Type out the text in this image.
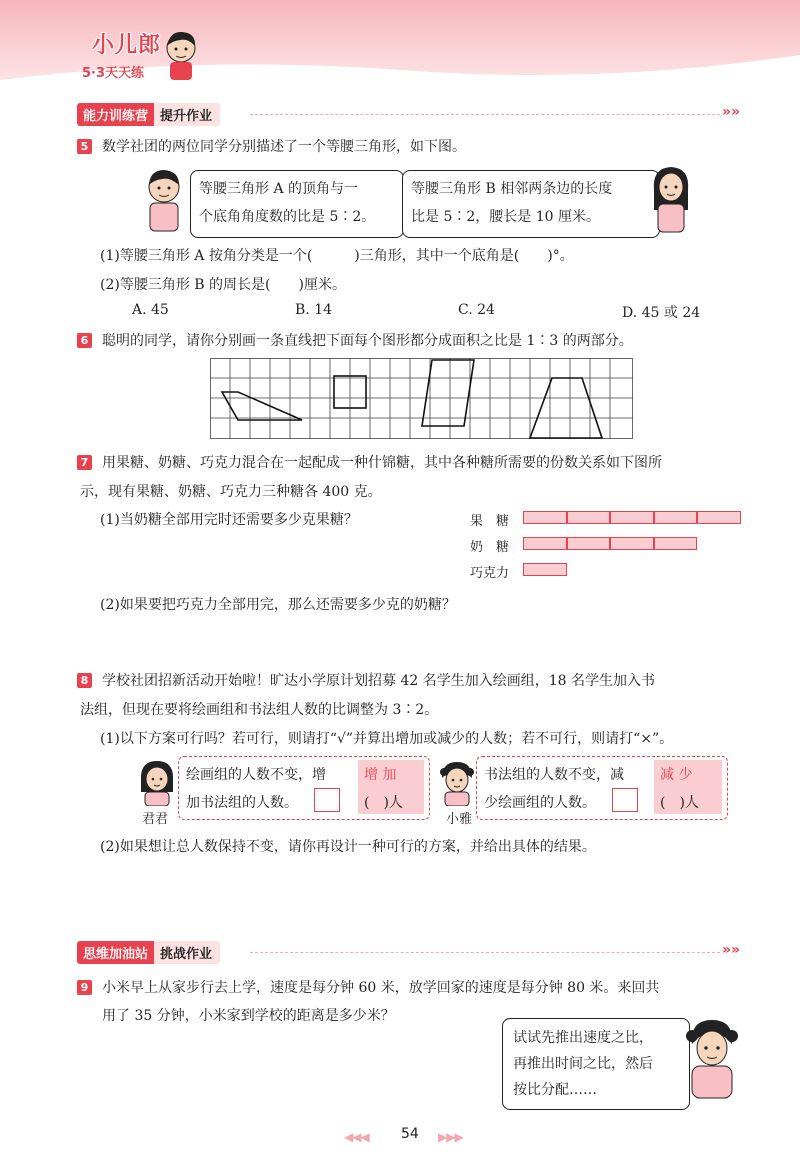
小儿郎
5·3天天练
能力训练营 提升作业	»»
5 数学社团的两位同学分别描述了一个等腰三角形，如下图。
等腰三角形 A 的顶角与一
个底角角度数的比是 5∶2。
等腰三角形 B 相邻两条边的长度
比是 5∶2，腰长是 10 厘米。
(1)等腰三角形 A 按角分类是一个(　　　)三角形，其中一个底角是(　　)°。
(2)等腰三角形 B 的周长是(　　)厘米。
A. 45	B. 14	C. 24	D. 45 或 24
6 聪明的同学，请你分别画一条直线把下面每个图形都分成面积之比是 1∶3 的两部分。
7 用果糖、奶糖、巧克力混合在一起配成一种什锦糖，其中各种糖所需要的份数关系如下图所
示，现有果糖、奶糖、巧克力三种糖各 400 克。
(1)当奶糖全部用完时还需要多少克果糖？
(2)如果要把巧克力全部用完，那么还需要多少克的奶糖？
果　糖
奶　糖
巧克力
8 学校社团招新活动开始啦！旷达小学原计划招募 42 名学生加入绘画组，18 名学生加入书
法组，但现在要将绘画组和书法组人数的比调整为 3∶2。
(1)以下方案可行吗？若可行，则请打“√”并算出增加或减少的人数；若不可行，则请打“×”。
君君
绘画组的人数不变，增
加书法组的人数。
增 加
(　)人
小雅
书法组的人数不变，减
少绘画组的人数。
减 少
(　)人
(2)如果想让总人数保持不变，请你再设计一种可行的方案，并给出具体的结果。
思维加油站 挑战作业	»»
9 小米早上从家步行去上学，速度是每分钟 60 米，放学回家的速度是每分钟 80 米。来回共
用了 35 分钟，小米家到学校的距离是多少米？
试试先推出速度之比，
再推出时间之比，然后
按比分配……
◀◀◀ 54 ▶▶▶
